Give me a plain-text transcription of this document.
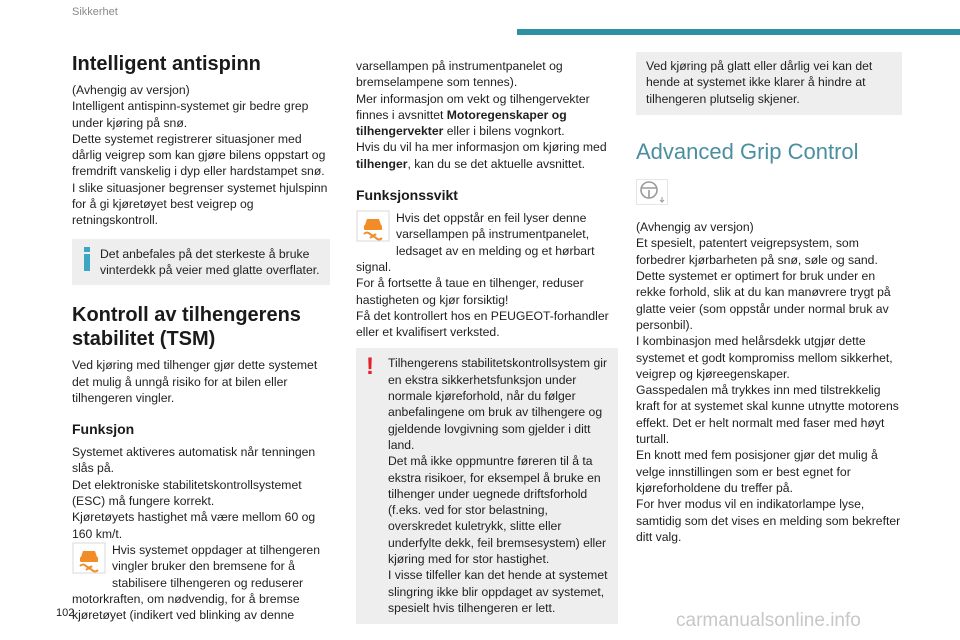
Sikkerhet
Intelligent antispinn

(Avhengig av versjon)
Intelligent antispinn-systemet gir bedre grep under kjøring på snø.
Dette systemet registrerer situasjoner med dårlig veigrep som kan gjøre bilens oppstart og fremdrift vanskelig i dyp eller hardstampet snø.
I slike situasjoner begrenser systemet hjulspinn for å gi kjøretøyet best veigrep og retningskontroll.

Det anbefales på det sterkeste å bruke vinterdekk på veier med glatte overflater.
Kontroll av tilhengerens stabilitet (TSM)

Ved kjøring med tilhenger gjør dette systemet det mulig å unngå risiko for at bilen eller tilhengeren vingler.

Funksjon

Systemet aktiveres automatisk når tenningen slås på.
Det elektroniske stabilitetskontrollsystemet (ESC) må fungere korrekt.
Kjøretøyets hastighet må være mellom 60 og 160 km/t.

Hvis systemet oppdager at tilhengeren vingler bruker den bremsene for å stabilisere tilhengeren og reduserer motorkraften, om nødvendig, for å bremse kjøretøyet (indikert ved blinking av denne

varsellampen på instrumentpanelet og bremselampene som tennes).
Mer informasjon om vekt og tilhengervekter finnes i avsnittet Motoregenskaper og tilhengervekter eller i bilens vognkort.
Hvis du vil ha mer informasjon om kjøring med tilhenger, kan du se det aktuelle avsnittet.

Funksjonssvikt

Hvis det oppstår en feil lyser denne varsellampen på instrumentpanelet, ledsaget av en melding og et hørbart signal.
For å fortsette å taue en tilhenger, reduser hastigheten og kjør forsiktig!
Få det kontrollert hos en PEUGEOT-forhandler eller et kvalifisert verksted.

!	Tilhengerens stabilitetskontrollsystem gir en ekstra sikkerhetsfunksjon under normale kjøreforhold, når du følger anbefalingene om bruk av tilhengere og gjeldende lovgivning som gjelder i ditt land.
Det må ikke oppmuntre føreren til å ta ekstra risikoer, for eksempel å bruke en tilhenger under uegnede driftsforhold (f.eks. ved for stor belastning, overskredet kuletrykk, slitte eller underfylte dekk, feil bremsesystem) eller kjøring med for stor hastighet.
I visse tilfeller kan det hende at systemet slingring ikke blir oppdaget av systemet, spesielt hvis tilhengeren er lett.

Ved kjøring på glatt eller dårlig vei kan det hende at systemet ikke klarer å hindre at tilhengeren plutselig skjener.

Advanced Grip Control

(Avhengig av versjon)
Et spesielt, patentert veigrepsystem, som forbedrer kjørbarheten på snø, søle og sand.
Dette systemet er optimert for bruk under en rekke forhold, slik at du kan manøvrere trygt på glatte veier (som oppstår under normal bruk av personbil).
I kombinasjon med helårsdekk utgjør dette systemet et godt kompromiss mellom sikkerhet, veigrep og kjøreegenskaper.
Gasspedalen må trykkes inn med tilstrekkelig kraft for at systemet skal kunne utnytte motorens effekt. Det er helt normalt med faser med høyt turtall.
En knott med fem posisjoner gjør det mulig å velge innstillingen som er best egnet for kjøreforholdene du treffer på.
For hver modus vil en indikatorlampe lyse, samtidig som det vises en melding som bekrefter ditt valg.

102	carmanualsonline.info
